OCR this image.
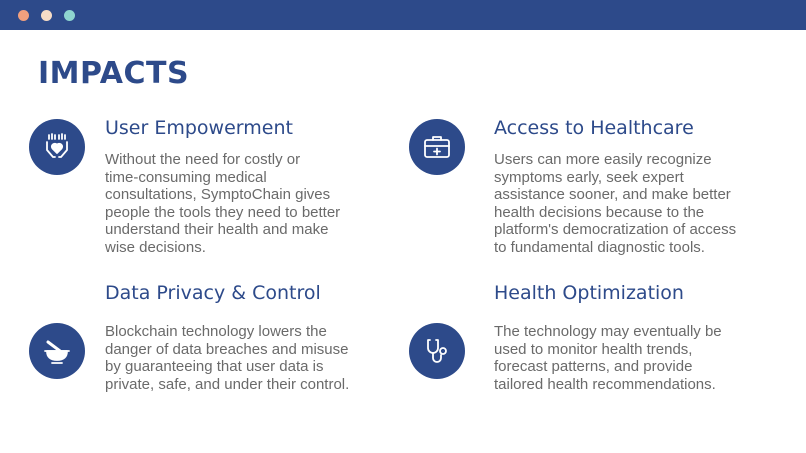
IMPACTS
User Empowerment
Without the need for costly or
time-consuming medical
consultations, SymptoChain gives
people the tools they need to better
understand their health and make
wise decisions.
Access to Healthcare
Users can more easily recognize
symptoms early, seek expert
assistance sooner, and make better
health decisions because to the
platform's democratization of access
to fundamental diagnostic tools.
Data Privacy & Control
Blockchain technology lowers the
danger of data breaches and misuse
by guaranteeing that user data is
private, safe, and under their control.
Health Optimization
The technology may eventually be
used to monitor health trends,
forecast patterns, and provide
tailored health recommendations.
